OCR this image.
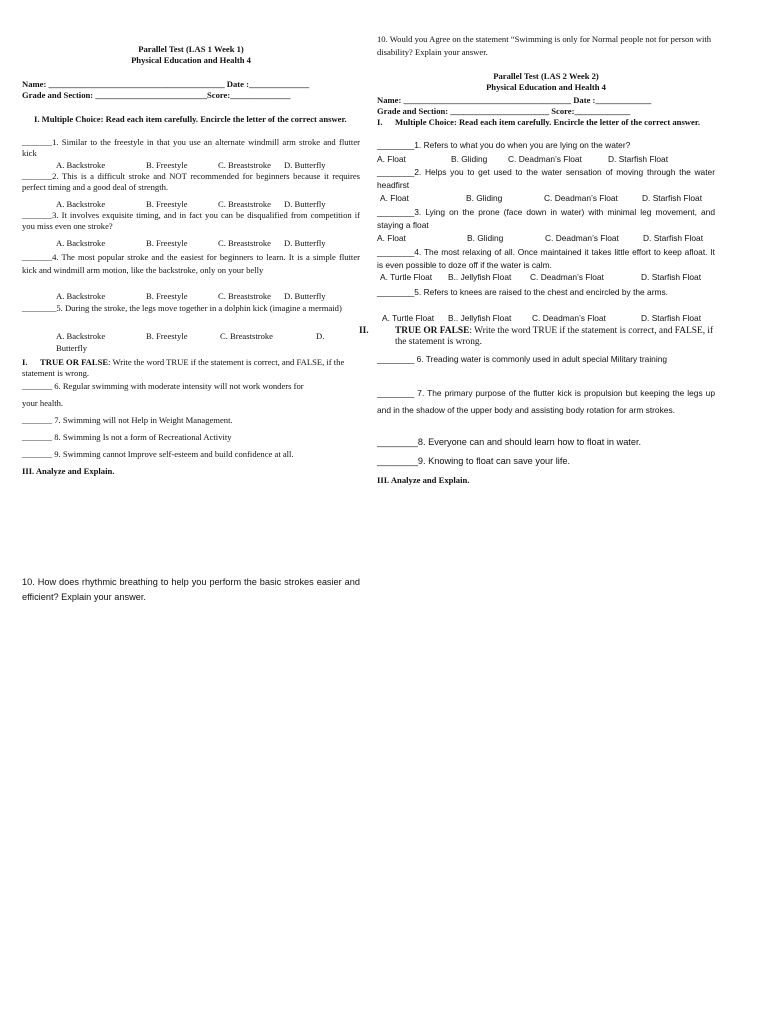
Parallel Test (LAS 1 Week 1)
Physical Education and Health 4
Name: _________________________________________ Date :______________
Grade and Section: __________________________Score:______________
I. Multiple Choice: Read each item carefully. Encircle the letter of the correct answer.
_______1. Similar to the freestyle in that you use an alternate windmill arm stroke and flutter kick
A. Backstroke	B. Freestyle	C. Breaststroke	D. Butterfly
_______2. This is a difficult stroke and NOT recommended for beginners because it requires perfect timing and a good deal of strength.
A. Backstroke	B. Freestyle	C. Breaststroke	D. Butterfly
_______3. It involves exquisite timing, and in fact you can be disqualified from competition if you miss even one stroke?
A. Backstroke	B. Freestyle	C. Breaststroke	D. Butterfly
_______4. The most popular stroke and the easiest for beginners to learn. It is a simple flutter kick and windmill arm motion, like the backstroke, only on your belly
A. Backstroke	B. Freestyle	C. Breaststroke	D. Butterfly
________5. During the stroke, the legs move together in a dolphin kick (imagine a mermaid)
A. Backstroke	B. Freestyle	C. Breaststroke	D.
Butterfly
I. TRUE OR FALSE: Write the word TRUE if the statement is correct, and FALSE, if the statement is wrong.
_______ 6. Regular swimming with moderate intensity will not work wonders for
your health.
_______ 7. Swimming will not Help in Weight Management.
_______ 8. Swimming Is not a form of Recreational Activity
_______ 9. Swimming cannot Improve self-esteem and build confidence at all.
III. Analyze and Explain.
10. How does rhythmic breathing to help you perform the basic strokes easier and efficient? Explain your answer.
10. Would you Agree on the statement “Swimming is only for Normal people not for person with disability? Explain your answer.
Parallel Test (LAS 2 Week 2)
Physical Education and Health 4
Name: _______________________________________ Date :_____________
Grade and Section: _______________________ Score:_____________
I. Multiple Choice: Read each item carefully. Encircle the letter of the correct answer.
________1. Refers to what you do when you are lying on the water?
A. Float	B. Gliding	C. Deadman’s Float	D. Starfish Float
________2. Helps you to get used to the water sensation of moving through the water headfirst
A. Float	B. Gliding	C. Deadman’s Float	D. Starfish Float
________3. Lying on the prone (face down in water) with minimal leg movement, and staying a float
A. Float	B. Gliding	C. Deadman’s Float	D. Starfish Float
________4. The most relaxing of all. Once maintained it takes little effort to keep afloat. It is even possible to doze off if the water is calm.
A. Turtle Float	B.. Jellyfish Float	C. Deadman’s Float	D. Starfish Float
________5. Refers to knees are raised to the chest and encircled by the arms.
A. Turtle Float	B.. Jellyfish Float	C. Deadman’s Float	D. Starfish Float
II.	TRUE OR FALSE: Write the word TRUE if the statement is correct, and FALSE, if the statement is wrong.
________ 6. Treading water is commonly used in adult special Military training
________ 7. The primary purpose of the flutter kick is propulsion but keeping the legs up and in the shadow of the upper body and assisting body rotation for arm strokes.
________8. Everyone can and should learn how to float in water.
________9. Knowing to float can save your life.
III. Analyze and Explain.
